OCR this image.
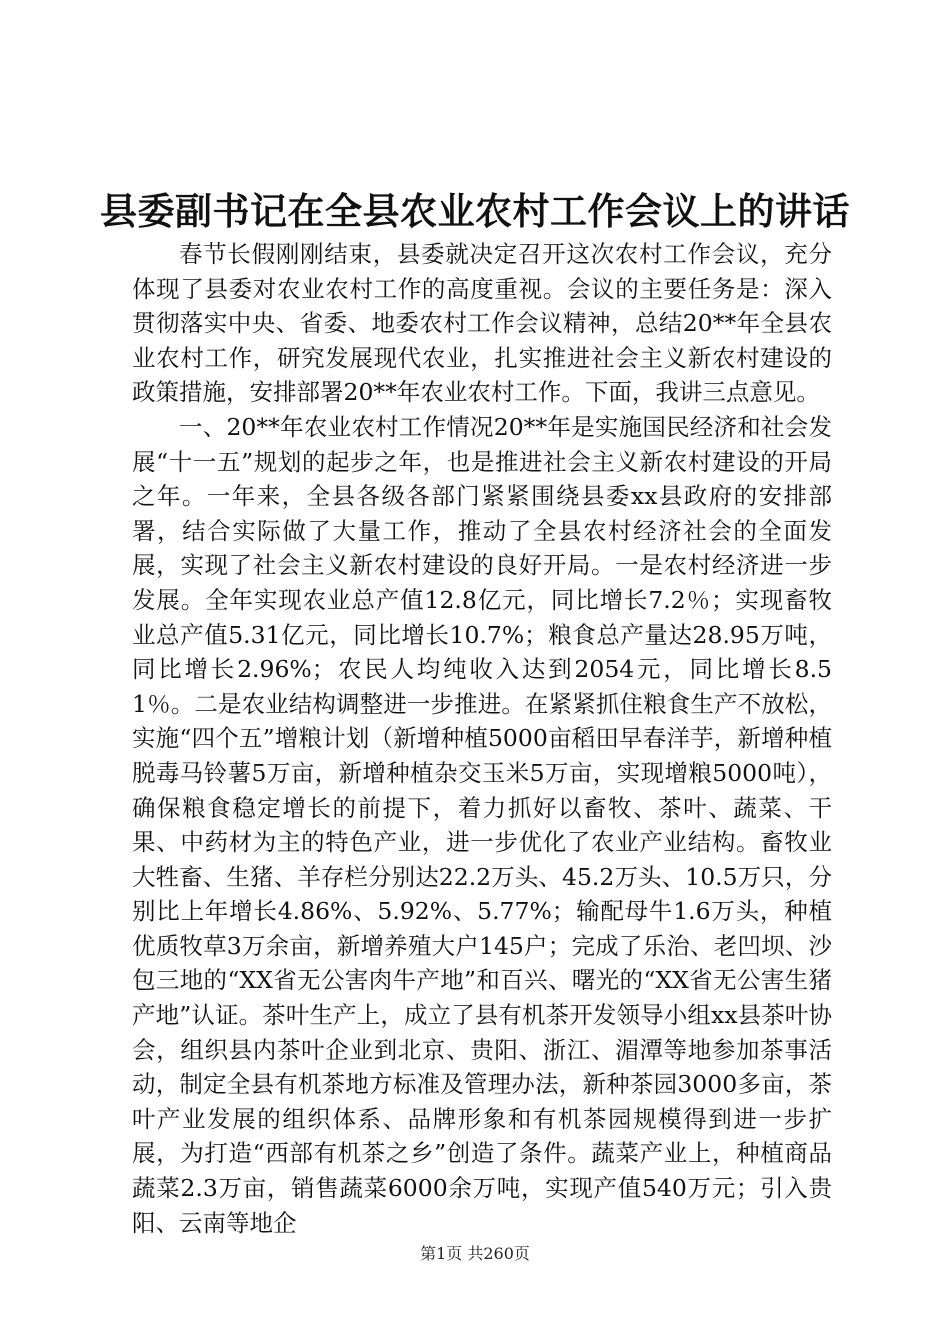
县委副书记在全县农业农村工作会议上的讲话

春节长假刚刚结束，县委就决定召开这次农村工作会议，充分体现了县委对农业农村工作的高度重视。会议的主要任务是：深入贯彻落实中央、省委、地委农村工作会议精神，总结20**年全县农业农村工作，研究发展现代农业，扎实推进社会主义新农村建设的政策措施，安排部署20**年农业农村工作。下面，我讲三点意见。

一、20**年农业农村工作情况20**年是实施国民经济和社会发展“十一五”规划的起步之年，也是推进社会主义新农村建设的开局之年。一年来，全县各级各部门紧紧围绕县委xx县政府的安排部署，结合实际做了大量工作，推动了全县农村经济社会的全面发展，实现了社会主义新农村建设的良好开局。一是农村经济进一步发展。全年实现农业总产值12.8亿元，同比增长7.2％；实现畜牧业总产值5.31亿元，同比增长10.7%；粮食总产量达28.95万吨，同比增长2.96%；农民人均纯收入达到2054元，同比增长8.51％。二是农业结构调整进一步推进。在紧紧抓住粮食生产不放松，实施“四个五”增粮计划（新增种植5000亩稻田早春洋芋，新增种植脱毒马铃薯5万亩，新增种植杂交玉米5万亩，实现增粮5000吨），确保粮食稳定增长的前提下，着力抓好以畜牧、茶叶、蔬菜、干果、中药材为主的特色产业，进一步优化了农业产业结构。畜牧业大牲畜、生猪、羊存栏分别达22.2万头、45.2万头、10.5万只，分别比上年增长4.86%、5.92%、5.77%；输配母牛1.6万头，种植优质牧草3万余亩，新增养殖大户145户；完成了乐治、老凹坝、沙包三地的“XX省无公害肉牛产地”和百兴、曙光的“XX省无公害生猪产地”认证。茶叶生产上，成立了县有机茶开发领导小组xx县茶叶协会，组织县内茶叶企业到北京、贵阳、浙江、湄潭等地参加茶事活动，制定全县有机茶地方标准及管理办法，新种茶园3000多亩，茶叶产业发展的组织体系、品牌形象和有机茶园规模得到进一步扩展，为打造“西部有机茶之乡”创造了条件。蔬菜产业上，种植商品蔬菜2.3万亩，销售蔬菜6000余万吨，实现产值540万元；引入贵阳、云南等地企

第1页 共260页
